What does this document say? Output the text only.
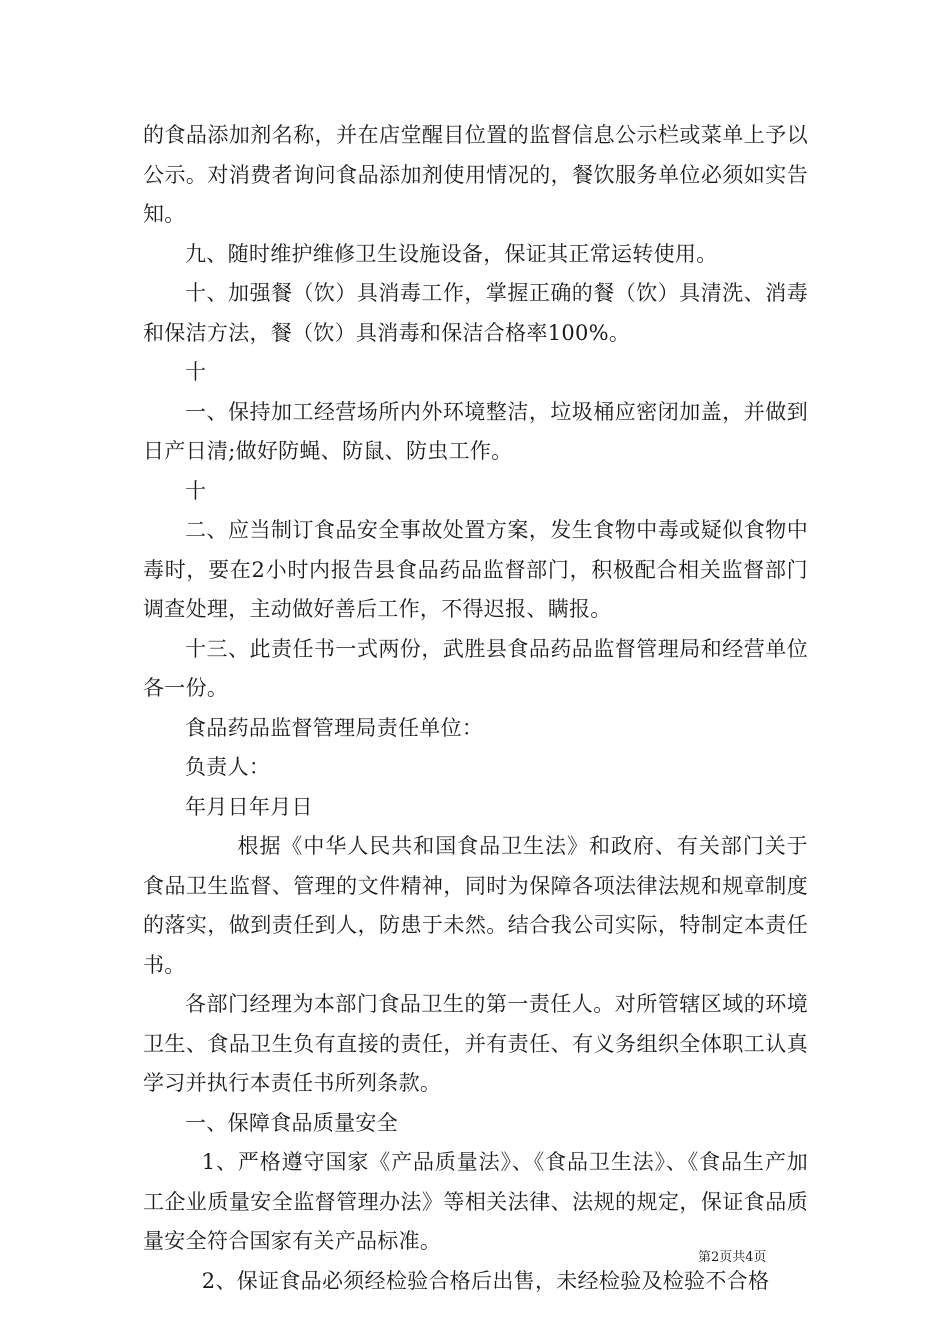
的食品添加剂名称，并在店堂醒目位置的监督信息公示栏或菜单上予以公示。对消费者询问食品添加剂使用情况的，餐饮服务单位必须如实告知。

九、随时维护维修卫生设施设备，保证其正常运转使用。

十、加强餐（饮）具消毒工作，掌握正确的餐（饮）具清洗、消毒和保洁方法，餐（饮）具消毒和保洁合格率100%。

十

一、保持加工经营场所内外环境整洁，垃圾桶应密闭加盖，并做到日产日清;做好防蝇、防鼠、防虫工作。

十

二、应当制订食品安全事故处置方案，发生食物中毒或疑似食物中毒时，要在2小时内报告县食品药品监督部门，积极配合相关监督部门调查处理，主动做好善后工作，不得迟报、瞒报。

十三、此责任书一式两份，武胜县食品药品监督管理局和经营单位各一份。

食品药品监督管理局责任单位：

负责人：

年月日年月日

根据《中华人民共和国食品卫生法》和政府、有关部门关于食品卫生监督、管理的文件精神，同时为保障各项法律法规和规章制度的落实，做到责任到人，防患于未然。结合我公司实际，特制定本责任书。

各部门经理为本部门食品卫生的第一责任人。对所管辖区域的环境卫生、食品卫生负有直接的责任，并有责任、有义务组织全体职工认真学习并执行本责任书所列条款。

一、保障食品质量安全

1、严格遵守国家《产品质量法》、《食品卫生法》、《食品生产加工企业质量安全监督管理办法》等相关法律、法规的规定，保证食品质量安全符合国家有关产品标准。

2、保证食品必须经检验合格后出售，未经检验及检验不合格

第2页共4页
